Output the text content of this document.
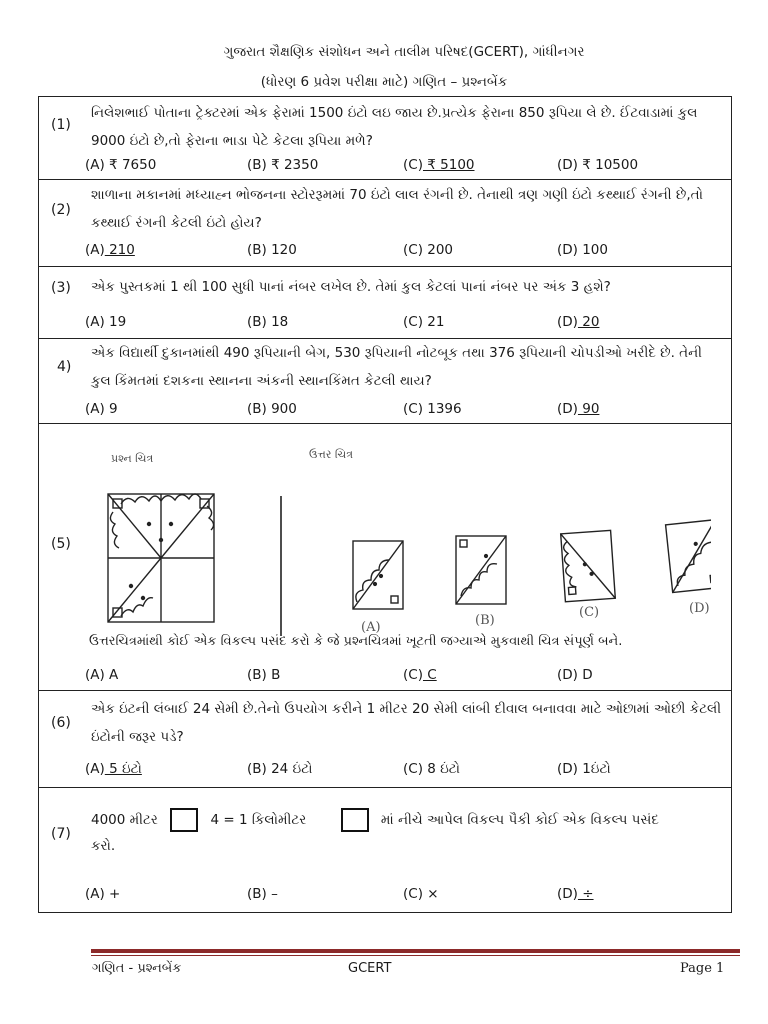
ગુજરાત શૈક્ષણિક સંશોધન અને તાલીમ પરિષદ(GCERT), ગાંધીનગર
(ધોરણ 6 પ્રવેશ પરીક્ષા માટે) ગણિત – પ્રશ્નબેંક
(1)
નિલેશભાઈ પોતાના ટ્રેક્ટરમાં એક ફેરામાં 1500 ઇંટો લઇ જાય છે.પ્રત્યેક ફેરાના 850 રૂપિયા લે છે. ઈંટવાડામાં કુલ 9000 ઇંટો છે,તો ફેરાના ભાડા પેટે કેટલા રૂપિયા મળે?
(A) ₹ 7650	(B) ₹ 2350	(C) ₹ 5100	(D) ₹ 10500
(2)
શાળાના મકાનમાં મધ્યાહ્ન ભોજનના સ્ટોરરૂમમાં 70 ઇંટો લાલ રંગની છે. તેનાથી ત્રણ ગણી ઇંટો કથ્થાઈ રંગની છે,તો કથ્થાઈ રંગની કેટલી ઇંટો હોય?
(A) 210	(B) 120	(C) 200	(D) 100
(3) એક પુસ્તકમાં 1 થી 100 સુધી પાનાં નંબર લખેલ છે. તેમાં કુલ કેટલાં પાનાં નંબર પર અંક 3 હશે?
(A) 19	(B) 18	(C) 21	(D) 20
4)
એક વિદ્યાર્થી દુકાનમાંથી 490 રૂપિયાની બેગ, 530 રૂપિયાની નોટબૂક તથા 376 રૂપિયાની ચોપડીઓ ખરીદે છે. તેની કુલ કિંમતમાં દશકના સ્થાનના અંકની સ્થાનકિંમત કેટલી થાય?
(A) 9	(B) 900	(C) 1396	(D) 90
(5)
પ્રશ્ન ચિત્ર	ઉત્તર ચિત્ર
(A)	(B)
(C)	(D)
ઉત્તરચિત્રમાંથી કોઈ એક વિકલ્પ પસંદ કરો કે જે પ્રશ્નચિત્રમાં ખૂટતી જગ્યાએ મુકવાથી ચિત્ર સંપૂર્ણ બને.
(A) A	(B) B	(C) C	(D) D
(6)
એક ઇંટની લંબાઈ 24 સેમી છે.તેનો ઉપયોગ કરીને 1 મીટર 20 સેમી લાંબી દીવાલ બનાવવા માટે ઓછામાં ઓછી કેટલી ઇંટોની જરૂર પડે?
(A) 5 ઇંટો	(B) 24 ઇંટો	(C) 8 ઇંટો	(D) 1ઇંટો
(7)
4000 મીટર	4 = 1 કિલોમીટર	માં નીચે આપેલ વિકલ્પ પૈકી કોઈ એક વિકલ્પ પસંદ
કરો.
(A) +	(B) –	(C) ×	(D) ÷
ગણિત - પ્રશ્નબેંક	GCERT	Page 1
